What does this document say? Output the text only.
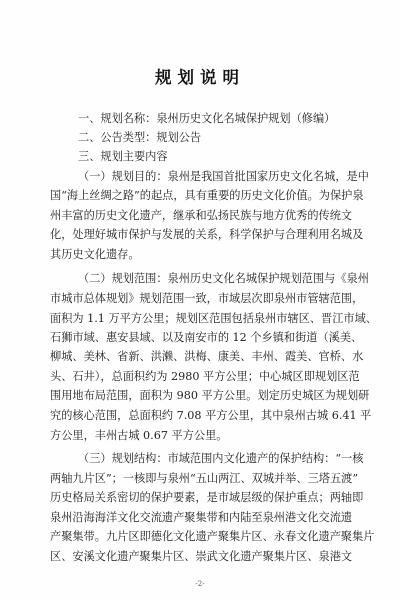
规划说明
一、规划名称：泉州历史文化名城保护规划（修编）
二、公告类型：规划公告
三、规划主要内容
（一）规划目的：泉州是我国首批国家历史文化名城，是中
国“海上丝绸之路”的起点，具有重要的历史文化价值。为保护泉
州丰富的历史文化遗产，继承和弘扬民族与地方优秀的传统文
化，处理好城市保护与发展的关系，科学保护与合理利用名城及
其历史文化遗存。
（二）规划范围：泉州历史文化名城保护规划范围与《泉州
市城市总体规划》规划范围一致，市域层次即泉州市管辖范围，
面积为 1.1 万平方公里；规划区范围包括泉州市辖区、晋江市域、
石狮市域、惠安县域、以及南安市的 12 个乡镇和街道（溪美、
柳城、美林、省新、洪濑、洪梅、康美、丰州、霞美、官桥、水
头、石井），总面积约为 2980 平方公里；中心城区即规划区范
围用地布局范围，面积为 980 平方公里。划定历史城区为规划研
究的核心范围，总面积约 7.08 平方公里，其中泉州古城 6.41 平
方公里，丰州古城 0.67 平方公里。
（三）规划结构：市域范围内文化遗产的保护结构：“一核
两轴九片区”；一核即与泉州“五山两江、双城并举、三塔五渡”
历史格局关系密切的保护要素，是市域层级的保护重点；两轴即
泉州沿海海洋文化交流遗产聚集带和内陆至泉州港文化交流遗
产聚集带。九片区即德化文化遗产聚集片区、永春文化遗产聚集片
区、安溪文化遗产聚集片区、崇武文化遗产聚集片区、泉港文
-2-
